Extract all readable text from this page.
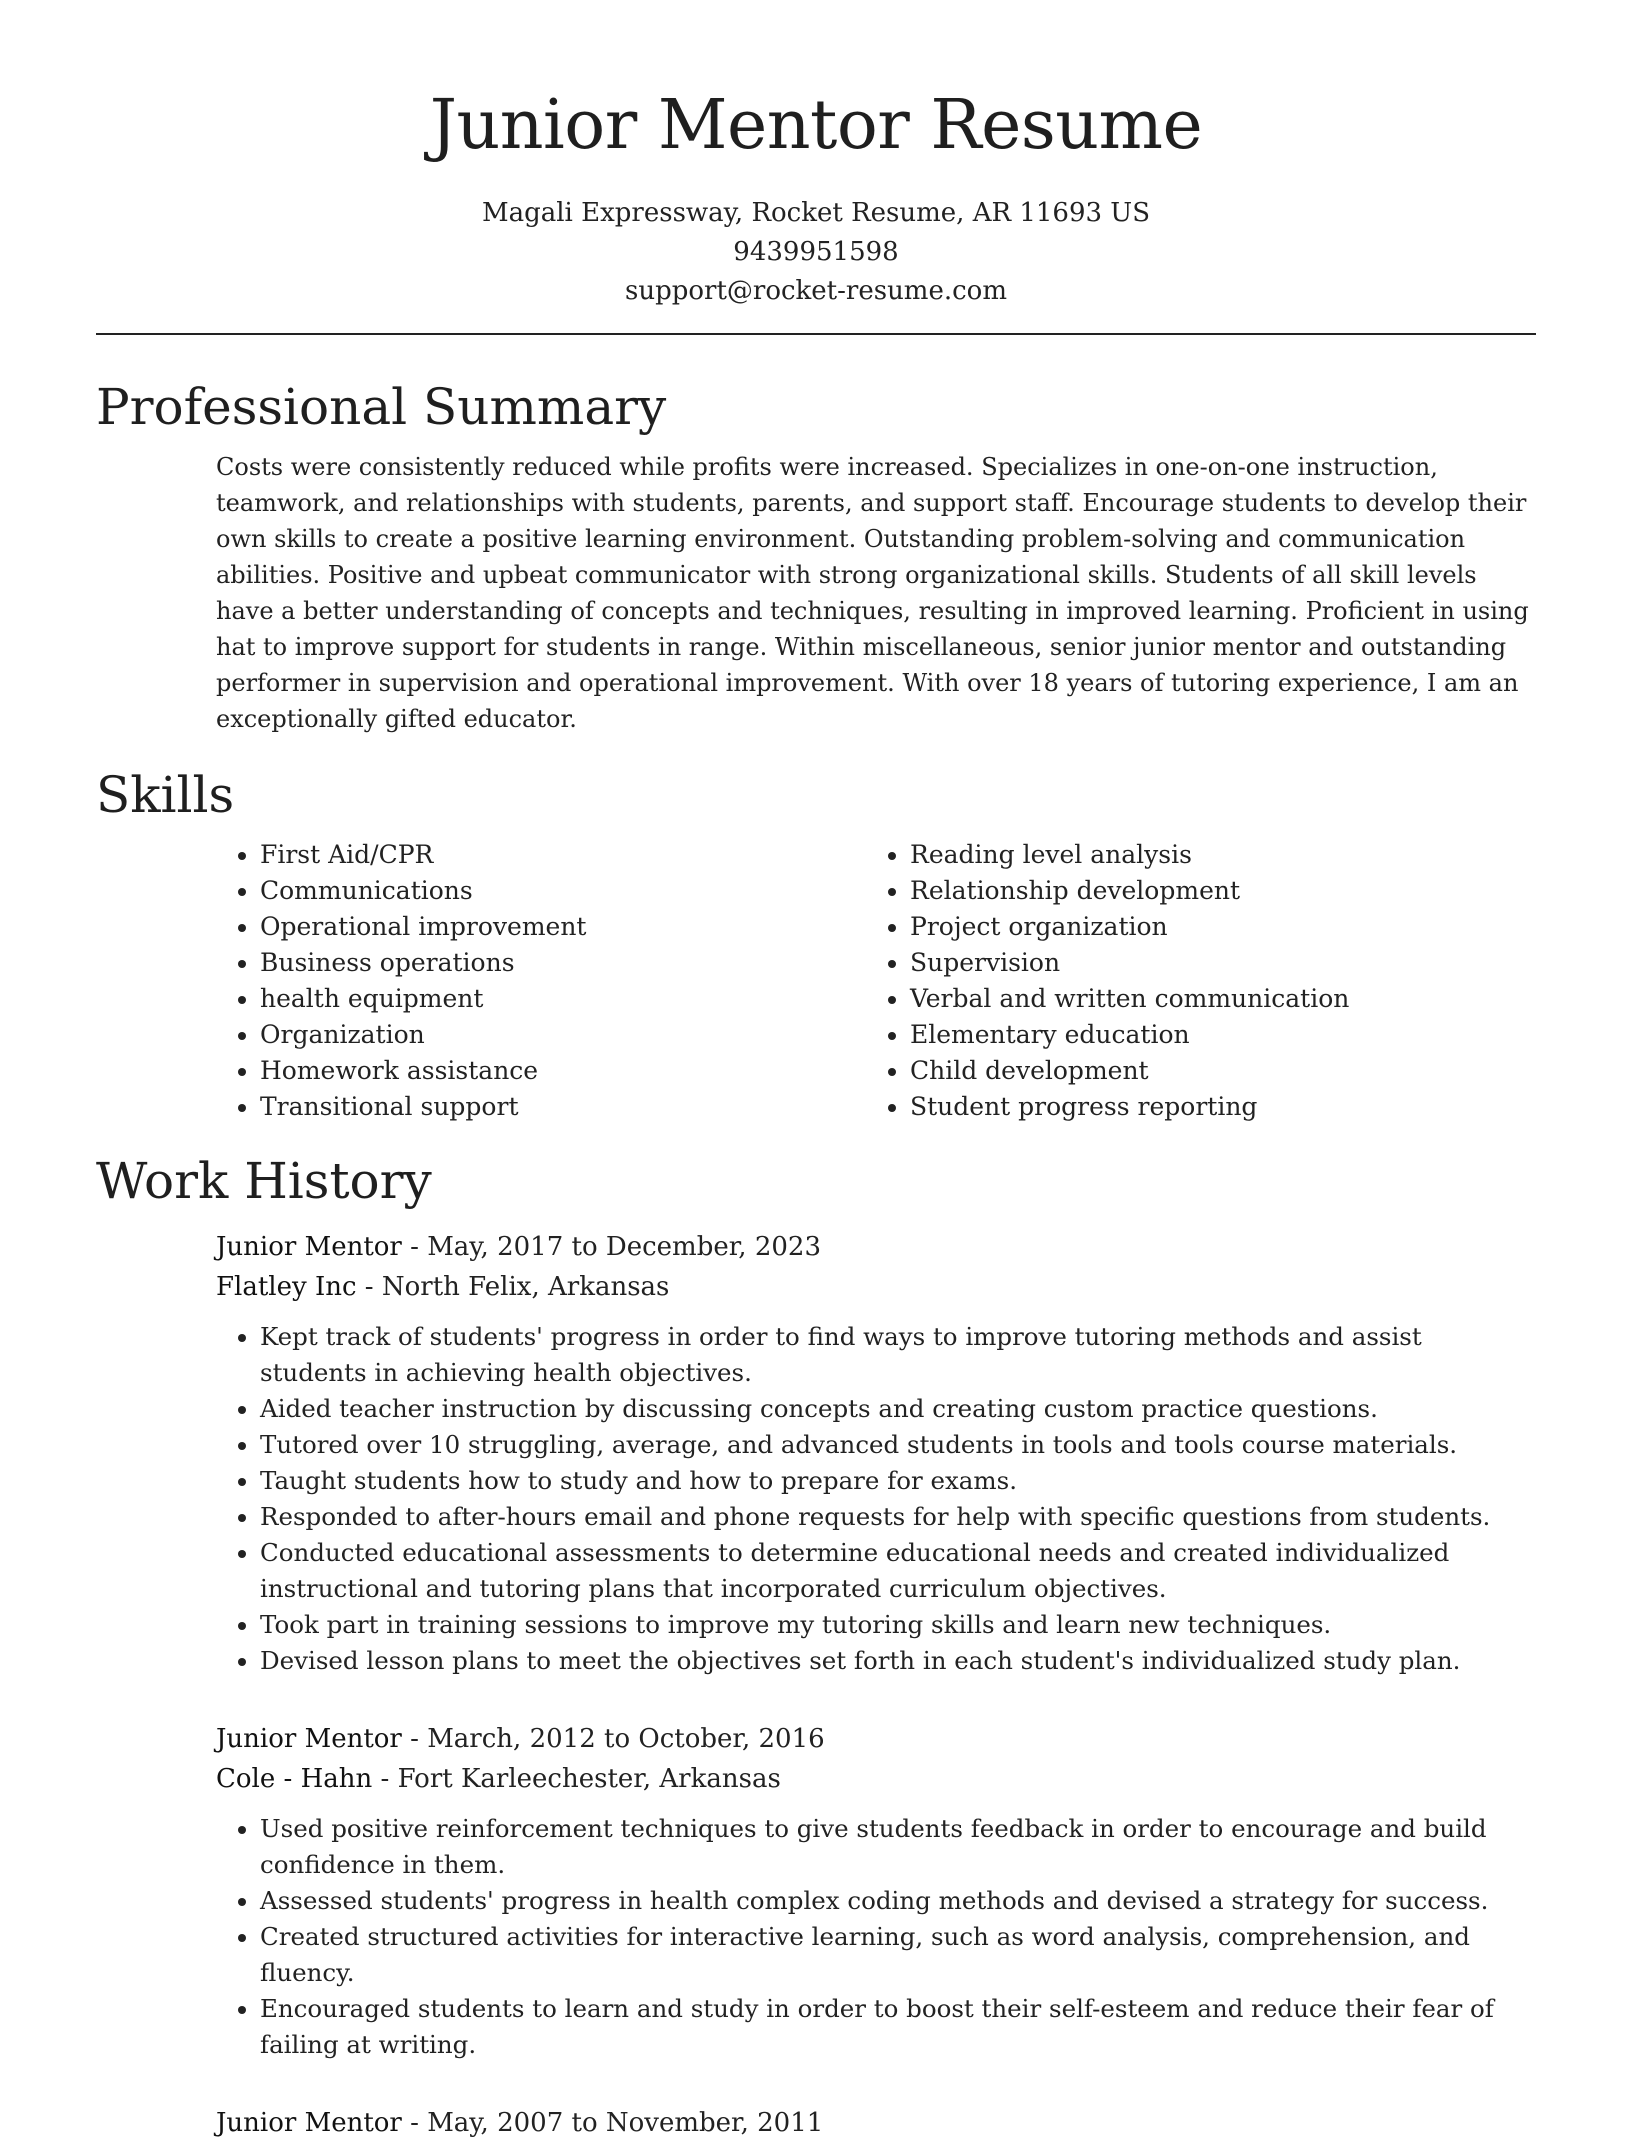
Junior Mentor Resume
Magali Expressway, Rocket Resume, AR 11693 US
9439951598
support@rocket-resume.com
Professional Summary

Costs were consistently reduced while profits were increased. Specializes in one-on-one instruction, teamwork, and relationships with students, parents, and support staff. Encourage students to develop their own skills to create a positive learning environment. Outstanding problem-solving and communication abilities. Positive and upbeat communicator with strong organizational skills. Students of all skill levels have a better understanding of concepts and techniques, resulting in improved learning. Proficient in using hat to improve support for students in range. Within miscellaneous, senior junior mentor and outstanding performer in supervision and operational improvement. With over 18 years of tutoring experience, I am an exceptionally gifted educator.

Skills
• First Aid/CPR
• Communications
• Operational improvement
• Business operations
• health equipment
• Organization
• Homework assistance
• Transitional support
• Reading level analysis
• Relationship development
• Project organization
• Supervision
• Verbal and written communication
• Elementary education
• Child development
• Student progress reporting
Work History
Junior Mentor - May, 2017 to December, 2023
Flatley Inc - North Felix, Arkansas
• Kept track of students' progress in order to find ways to improve tutoring methods and assist students in achieving health objectives.
• Aided teacher instruction by discussing concepts and creating custom practice questions.
• Tutored over 10 struggling, average, and advanced students in tools and tools course materials.
• Taught students how to study and how to prepare for exams.
• Responded to after-hours email and phone requests for help with specific questions from students.
• Conducted educational assessments to determine educational needs and created individualized instructional and tutoring plans that incorporated curriculum objectives.
• Took part in training sessions to improve my tutoring skills and learn new techniques.
• Devised lesson plans to meet the objectives set forth in each student's individualized study plan.
Junior Mentor - March, 2012 to October, 2016
Cole - Hahn - Fort Karleechester, Arkansas
• Used positive reinforcement techniques to give students feedback in order to encourage and build confidence in them.
• Assessed students' progress in health complex coding methods and devised a strategy for success.
• Created structured activities for interactive learning, such as word analysis, comprehension, and fluency.
• Encouraged students to learn and study in order to boost their self-esteem and reduce their fear of failing at writing.
Junior Mentor - May, 2007 to November, 2011
